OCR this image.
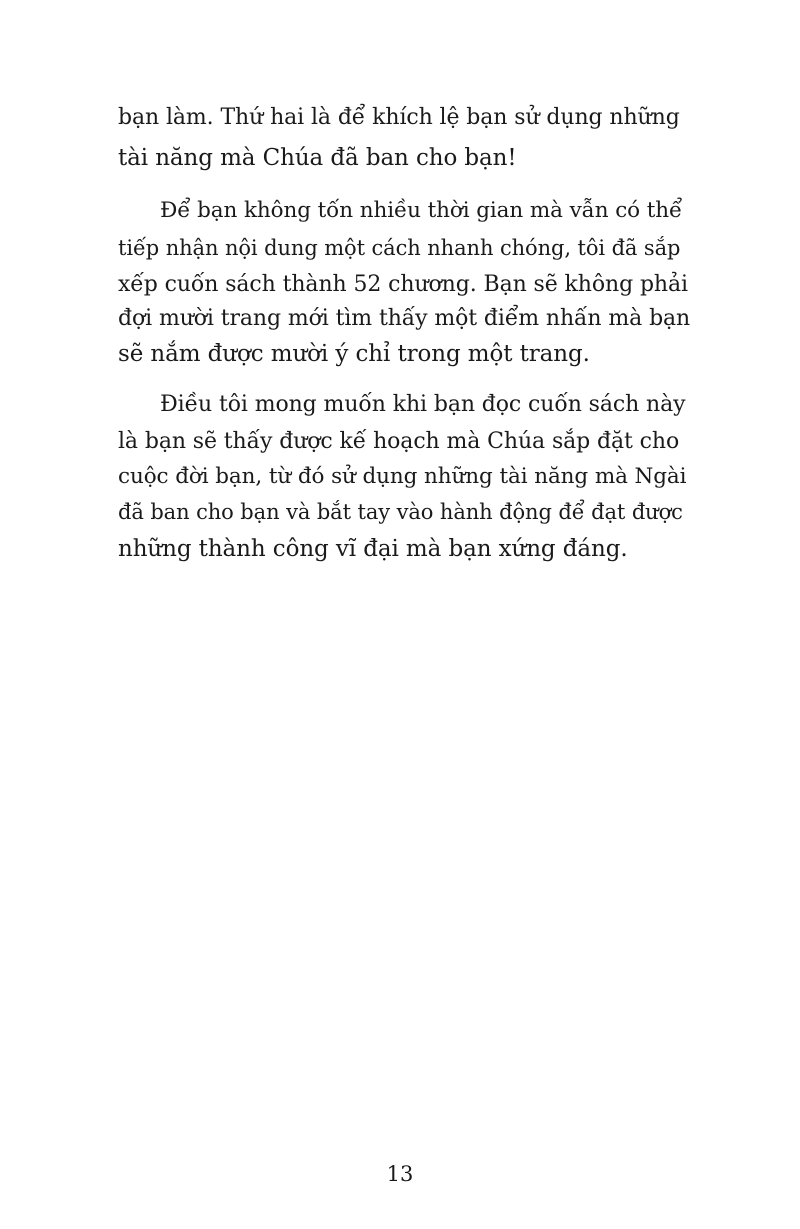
bạn làm. Thứ hai là để khích lệ bạn sử dụng những
tài năng mà Chúa đã ban cho bạn!
Để bạn không tốn nhiều thời gian mà vẫn có thể
tiếp nhận nội dung một cách nhanh chóng, tôi đã sắp
xếp cuốn sách thành 52 chương. Bạn sẽ không phải
đợi mười trang mới tìm thấy một điểm nhấn mà bạn
sẽ nắm được mười ý chỉ trong một trang.
Điều tôi mong muốn khi bạn đọc cuốn sách này
là bạn sẽ thấy được kế hoạch mà Chúa sắp đặt cho
cuộc đời bạn, từ đó sử dụng những tài năng mà Ngài
đã ban cho bạn và bắt tay vào hành động để đạt được
những thành công vĩ đại mà bạn xứng đáng.
13
